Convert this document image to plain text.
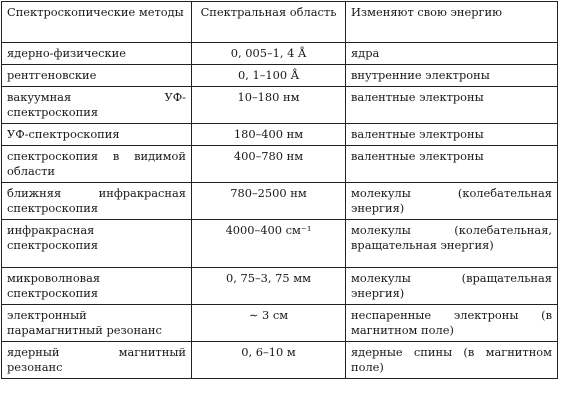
Спектроскопические методы	Спектральная область	Изменяют свою энергию
ядерно-физические	0, 005–1, 4 Å	ядра
рентгеновские	0, 1–100 Å	внутренние электроны
вакуумная УФ-спектроскопия	10–180 нм	валентные электроны
УФ-спектроскопия	180–400 нм	валентные электроны
спектроскопия в видимой области	400–780 нм	валентные электроны
ближняя инфракрасная спектроскопия	780–2500 нм	молекулы (колебательная энергия)
инфракрасная спектроскопия	4000–400 см⁻¹	молекулы (колебательная, вращательная энергия)
микроволновая спектроскопия	0, 75–3, 75 мм	молекулы (вращательная энергия)
электронный парамагнитный резонанс	∼ 3 см	неспаренные электроны (в магнитном поле)
ядерный магнитный резонанс	0, 6–10 м	ядерные спины (в магнитном поле)
